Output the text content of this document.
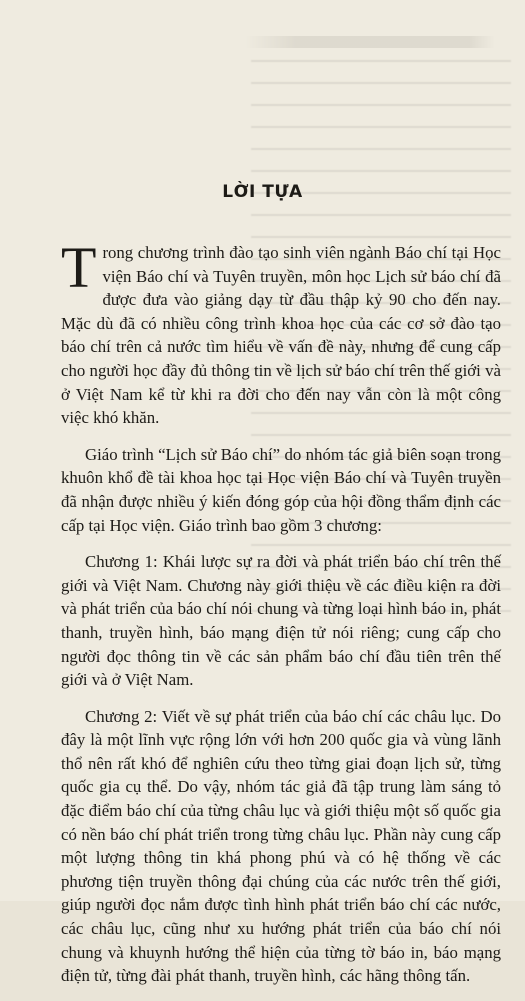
LỜI TỰA

Trong chương trình đào tạo sinh viên ngành Báo chí tại Học viện Báo chí và Tuyên truyền, môn học Lịch sử báo chí đã được đưa vào giảng dạy từ đầu thập kỷ 90 cho đến nay. Mặc dù đã có nhiều công trình khoa học của các cơ sở đào tạo báo chí trên cả nước tìm hiểu về vấn đề này, nhưng để cung cấp cho người học đầy đủ thông tin về lịch sử báo chí trên thế giới và ở Việt Nam kể từ khi ra đời cho đến nay vẫn còn là một công việc khó khăn.

Giáo trình “Lịch sử Báo chí” do nhóm tác giả biên soạn trong khuôn khổ đề tài khoa học tại Học viện Báo chí và Tuyên truyền đã nhận được nhiều ý kiến đóng góp của hội đồng thẩm định các cấp tại Học viện. Giáo trình bao gồm 3 chương:

Chương 1: Khái lược sự ra đời và phát triển báo chí trên thế giới và Việt Nam. Chương này giới thiệu về các điều kiện ra đời và phát triển của báo chí nói chung và từng loại hình báo in, phát thanh, truyền hình, báo mạng điện tử nói riêng; cung cấp cho người đọc thông tin về các sản phẩm báo chí đầu tiên trên thế giới và ở Việt Nam.

Chương 2: Viết về sự phát triển của báo chí các châu lục. Do đây là một lĩnh vực rộng lớn với hơn 200 quốc gia và vùng lãnh thổ nên rất khó để nghiên cứu theo từng giai đoạn lịch sử, từng quốc gia cụ thể. Do vậy, nhóm tác giả đã tập trung làm sáng tỏ đặc điểm báo chí của từng châu lục và giới thiệu một số quốc gia có nền báo chí phát triển trong từng châu lục. Phần này cung cấp một lượng thông tin khá phong phú và có hệ thống về các phương tiện truyền thông đại chúng của các nước trên thế giới, giúp người đọc nắm được tình hình phát triển báo chí các nước, các châu lục, cũng như xu hướng phát triển của báo chí nói chung và khuynh hướng thể hiện của từng tờ báo in, báo mạng điện tử, từng đài phát thanh, truyền hình, các hãng thông tấn.
